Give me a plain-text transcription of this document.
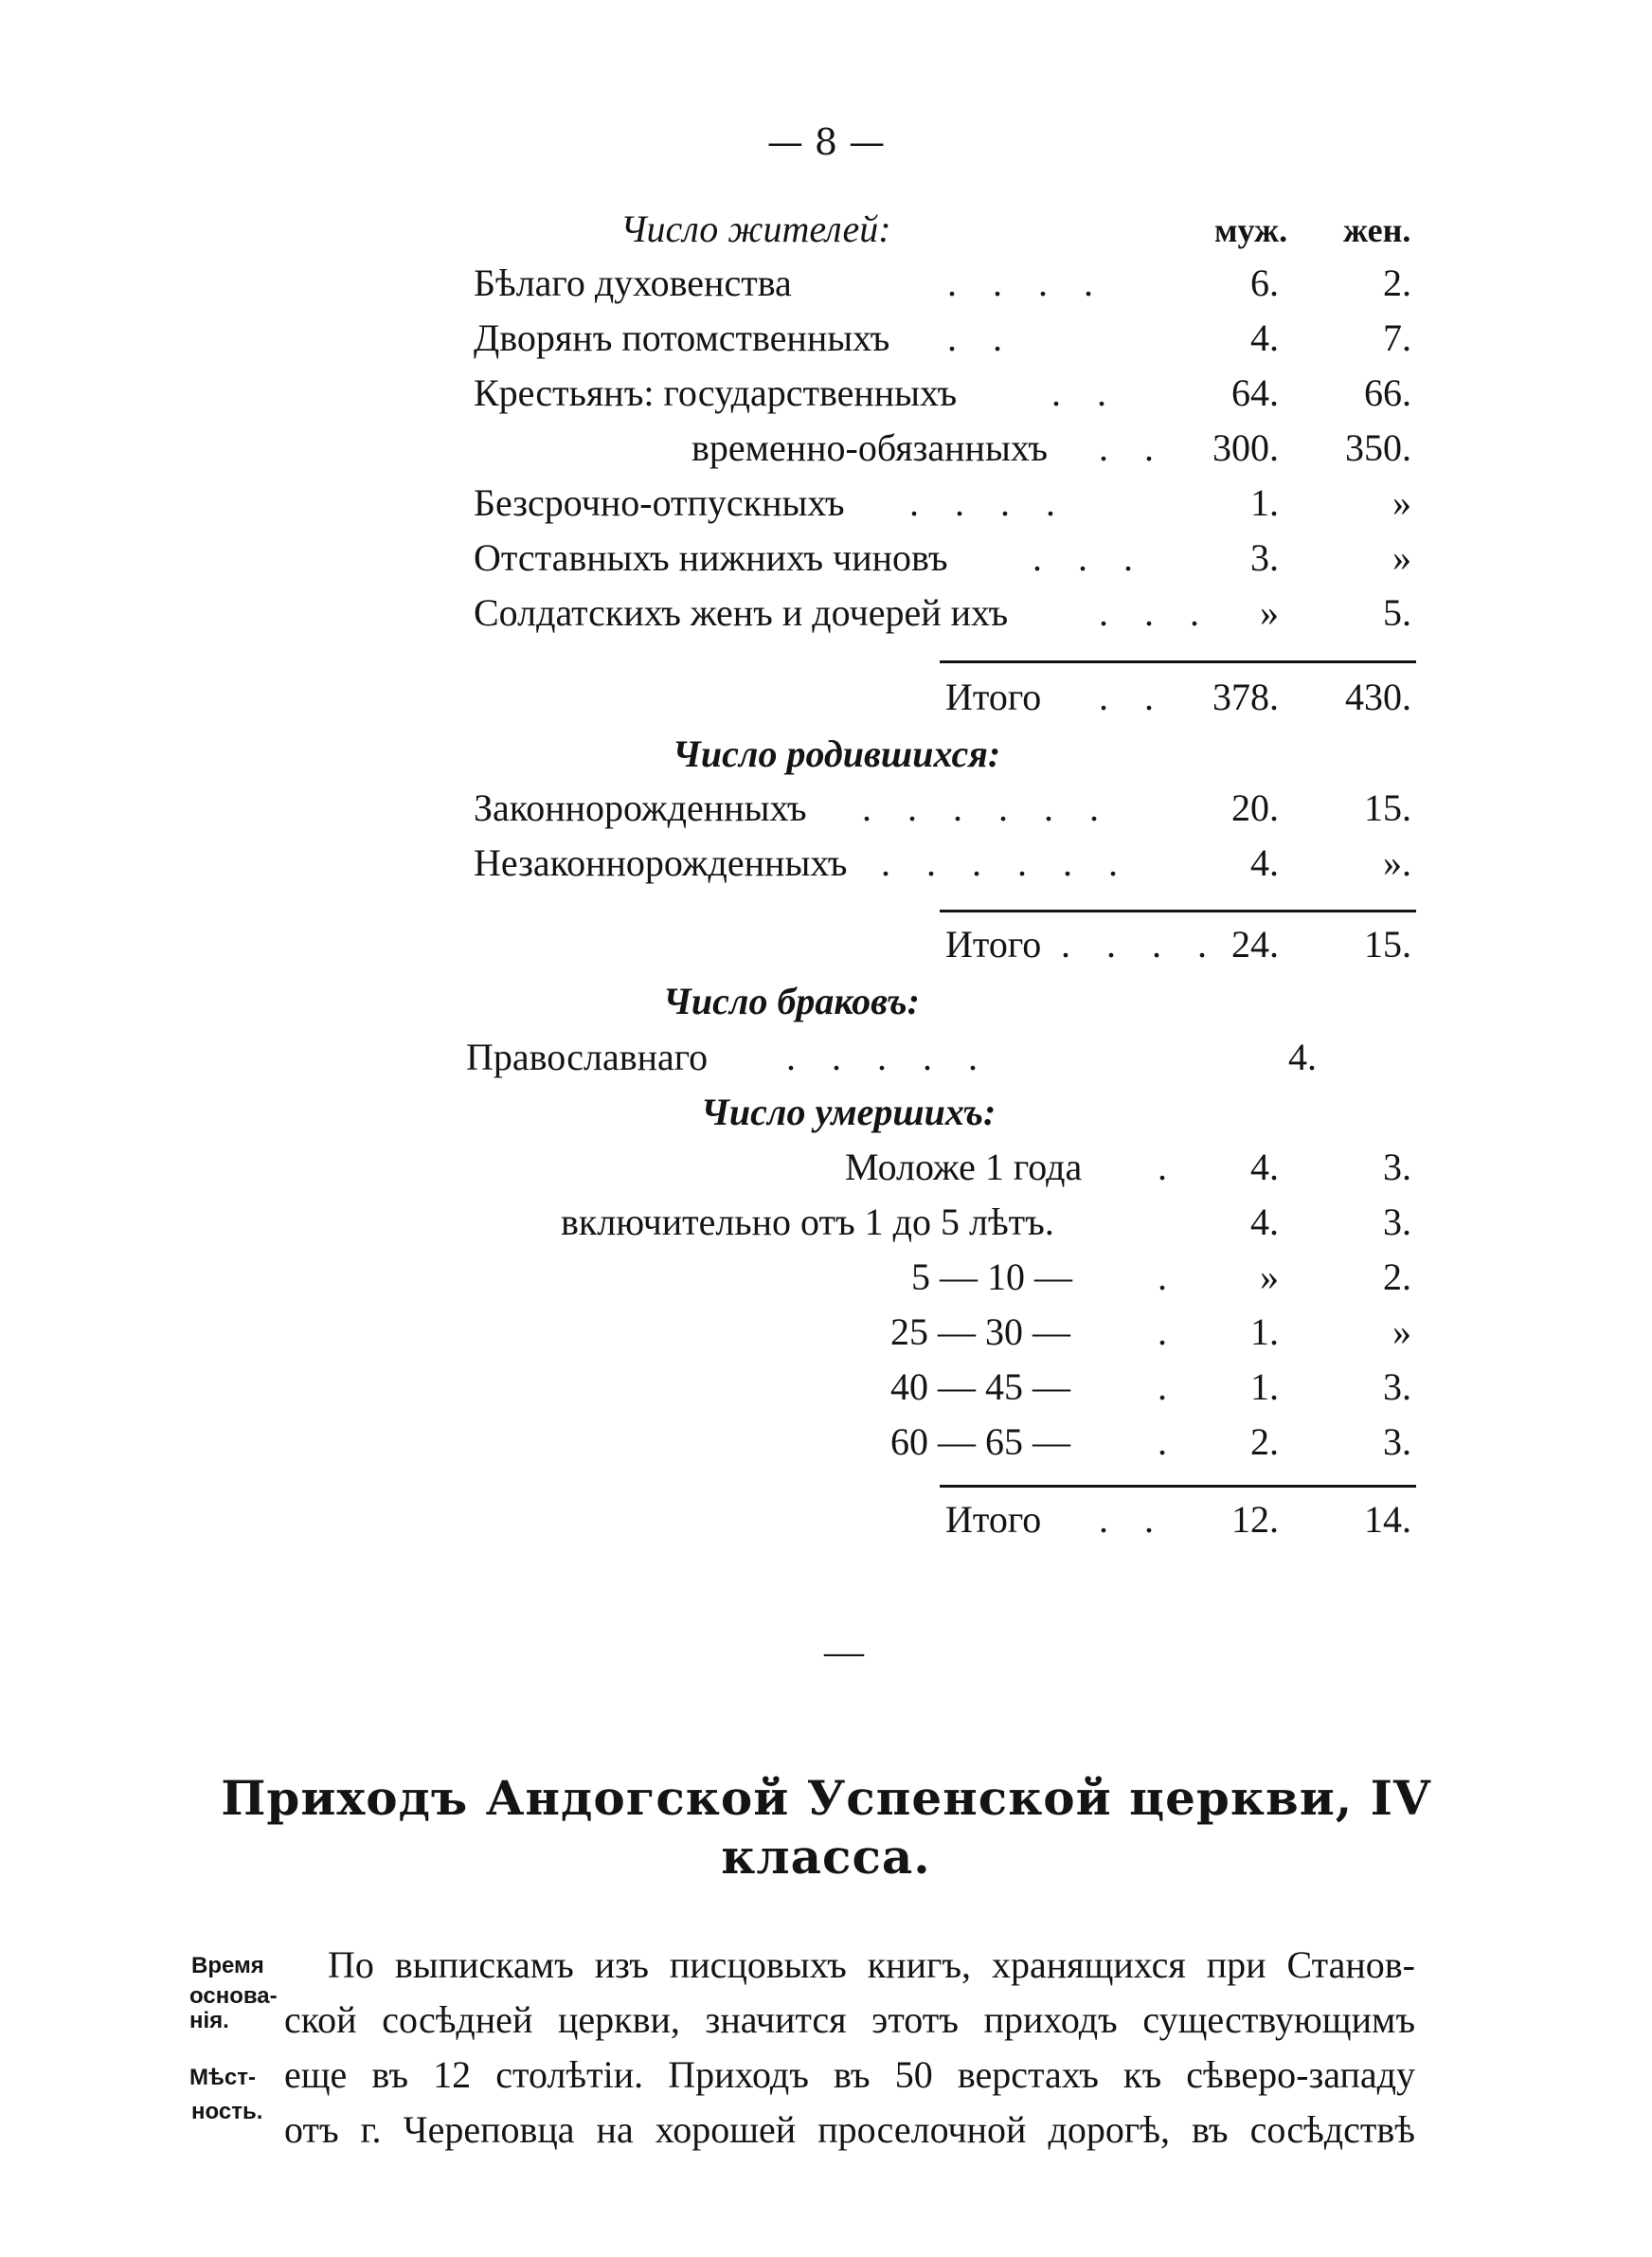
— 8 —
Число жителей:	муж. жен.
Бѣлаго духовенства	. . . .	6.	2.
Дворянъ потомственныхъ . .	4.	7.
Крестьянъ: государственныхъ . .	64.	66.
временно-обязанныхъ . .	300.	350.
Безсрочно-отпускныхъ . . . .	1.	»
Отставныхъ нижнихъ чиновъ . . .	3.	»
Солдатскихъ женъ и дочерей ихъ . . .	»	5.
Итого . .	378.	430.
Число родившихся:
Законнорожденныхъ . . . . . .	20.	15.
Незаконнорожденныхъ . . . . . .	4.	».
Итого . . . . 24.	15.
Число браковъ:
Православнаго . . . . .	4.
Число умершихъ:
Моложе 1 года .	4.	3.
включительно отъ 1 до 5 лѣтъ.	4.	3.
5 — 10 — .	»	2.
25 — 30 — .	1.	»
40 — 45 — .	1.	3.
60 — 65 — .	2.	3.
Итого . .	12.	14.
—
Приходъ Андогской Успенской церкви, IV
класса.
Время
основа-
нія.
Мѣст-
ность.
По выпискамъ изъ писцовыхъ книгъ, хранящихся при Станов-
ской сосѣдней церкви, значится этотъ приходъ существующимъ
еще въ 12 столѣтіи. Приходъ въ 50 верстахъ къ сѣверо-западу
отъ г. Череповца на хорошей проселочной дорогѣ, въ сосѣдствѣ
